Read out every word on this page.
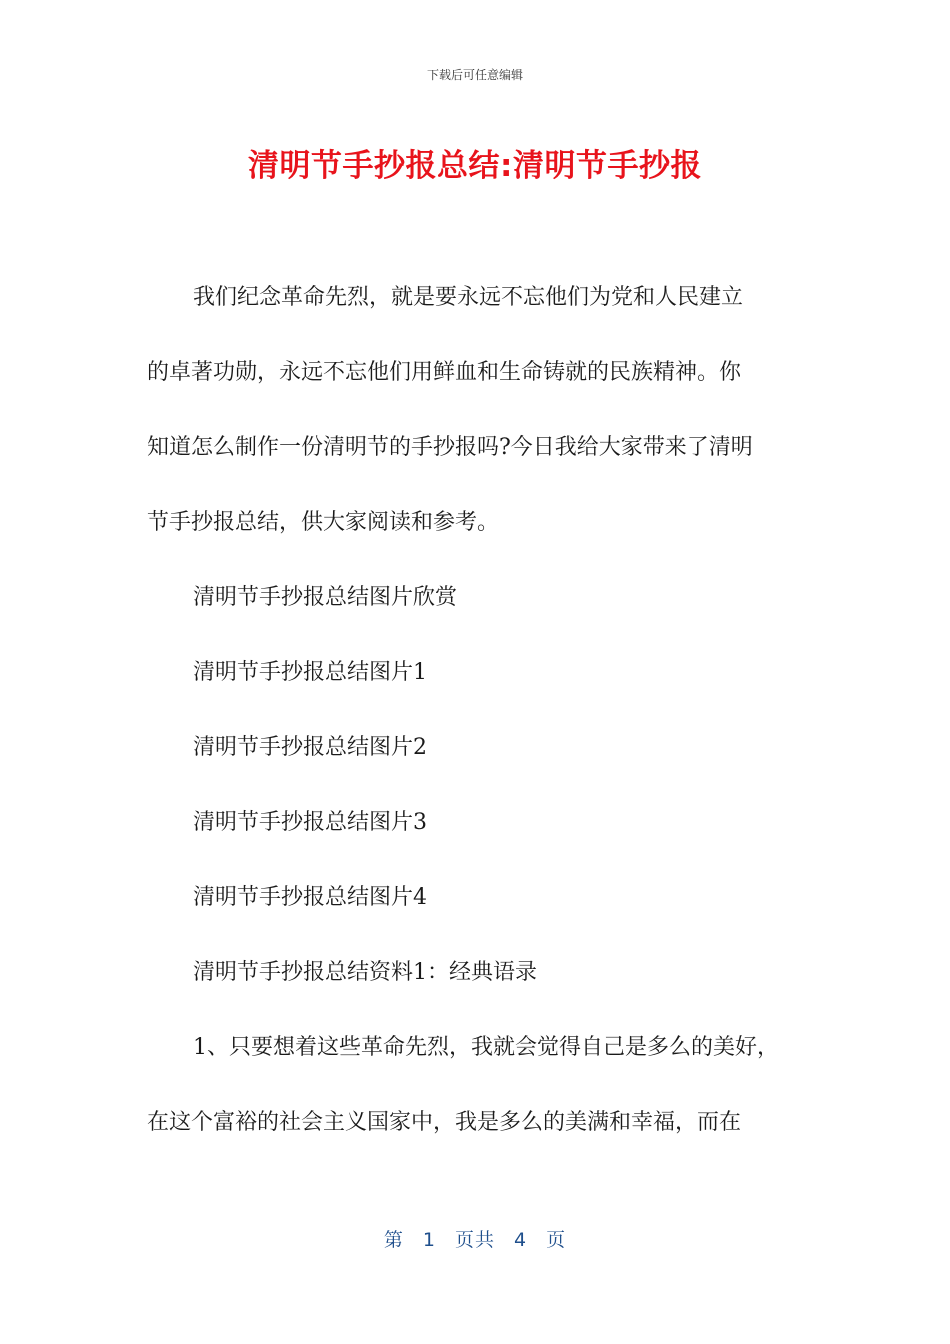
下载后可任意编辑
清明节手抄报总结:清明节手抄报
我们纪念革命先烈，就是要永远不忘他们为党和人民建立
的卓著功勋，永远不忘他们用鲜血和生命铸就的民族精神。你
知道怎么制作一份清明节的手抄报吗?今日我给大家带来了清明
节手抄报总结，供大家阅读和参考。
清明节手抄报总结图片欣赏
清明节手抄报总结图片1
清明节手抄报总结图片2
清明节手抄报总结图片3
清明节手抄报总结图片4
清明节手抄报总结资料1：经典语录
1、只要想着这些革命先烈，我就会觉得自己是多么的美好，
在这个富裕的社会主义国家中，我是多么的美满和幸福，而在
第 1 页共 4 页
